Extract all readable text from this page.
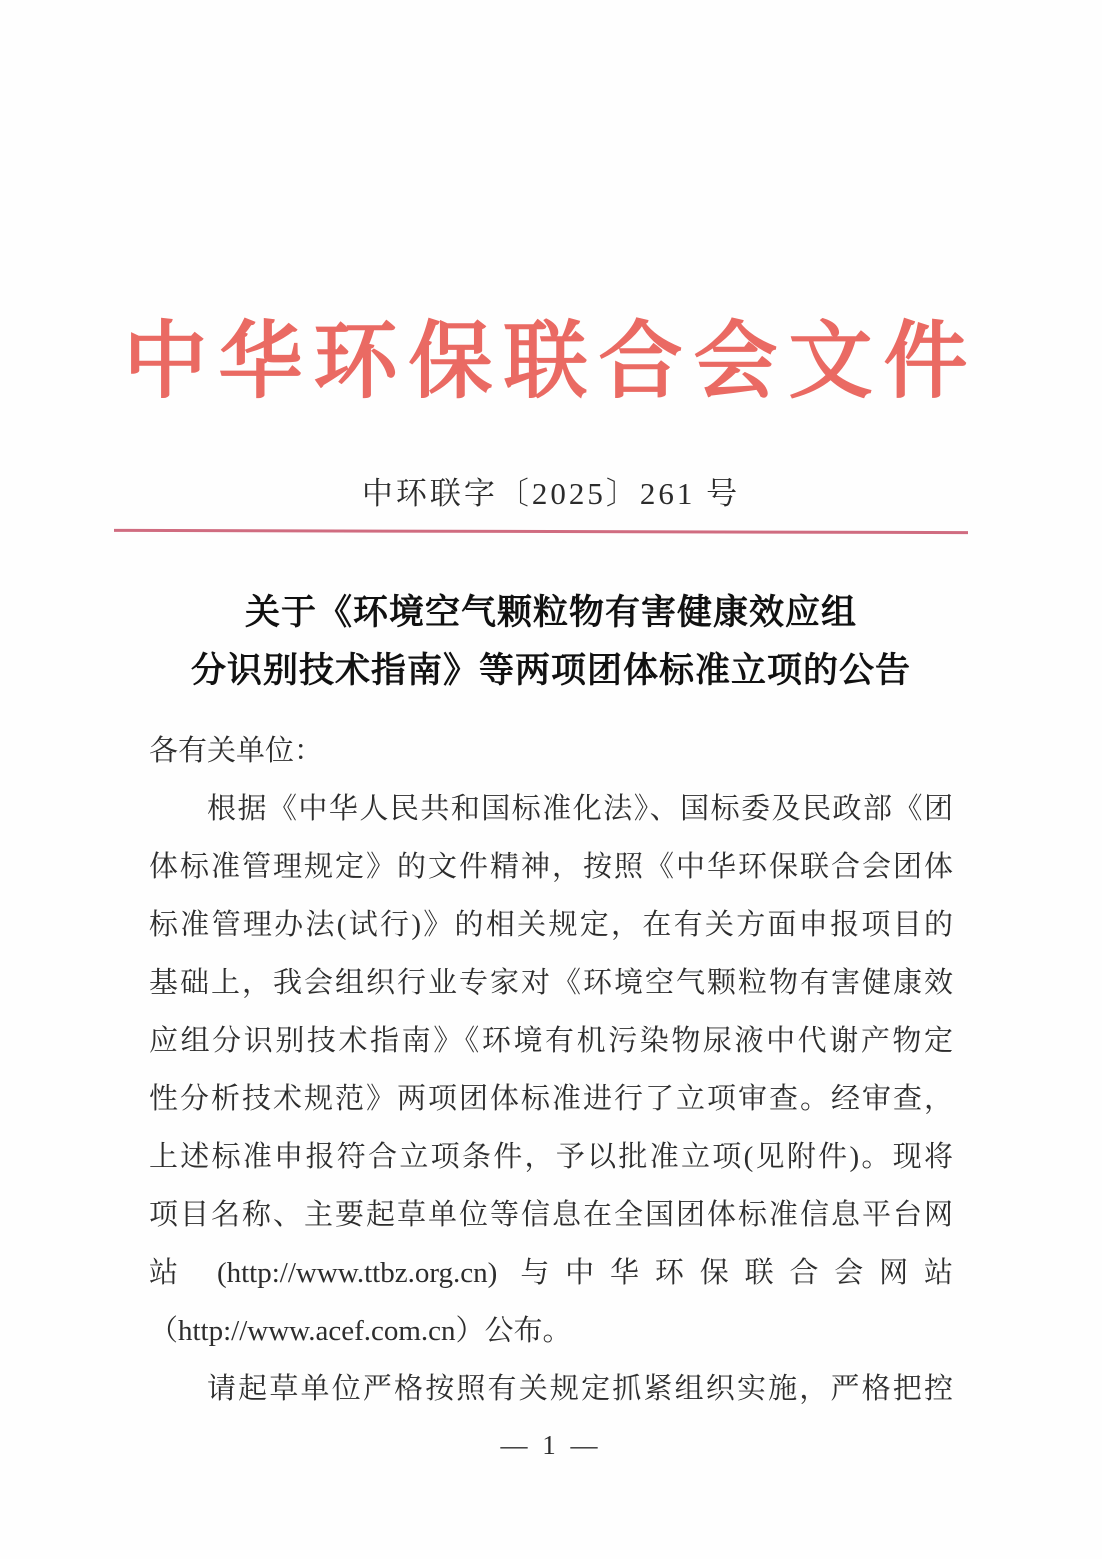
中华环保联合会文件
中环联字〔2025〕261 号
关于《环境空气颗粒物有害健康效应组
分识别技术指南》等两项团体标准立项的公告
各有关单位：
根据《中华人民共和国标准化法》、国标委及民政部《团
体标准管理规定》的文件精神，按照《中华环保联合会团体
标准管理办法(试行)》的相关规定，在有关方面申报项目的
基础上，我会组织行业专家对《环境空气颗粒物有害健康效
应组分识别技术指南》《环境有机污染物尿液中代谢产物定
性分析技术规范》两项团体标准进行了立项审查。经审查，
上述标准申报符合立项条件，予以批准立项(见附件)。现将
项目名称、主要起草单位等信息在全国团体标准信息平台网
站 (http://www.ttbz.org.cn) 与中华环保联合会网站
（http://www.acef.com.cn）公布。
请起草单位严格按照有关规定抓紧组织实施，严格把控
— 1 —
